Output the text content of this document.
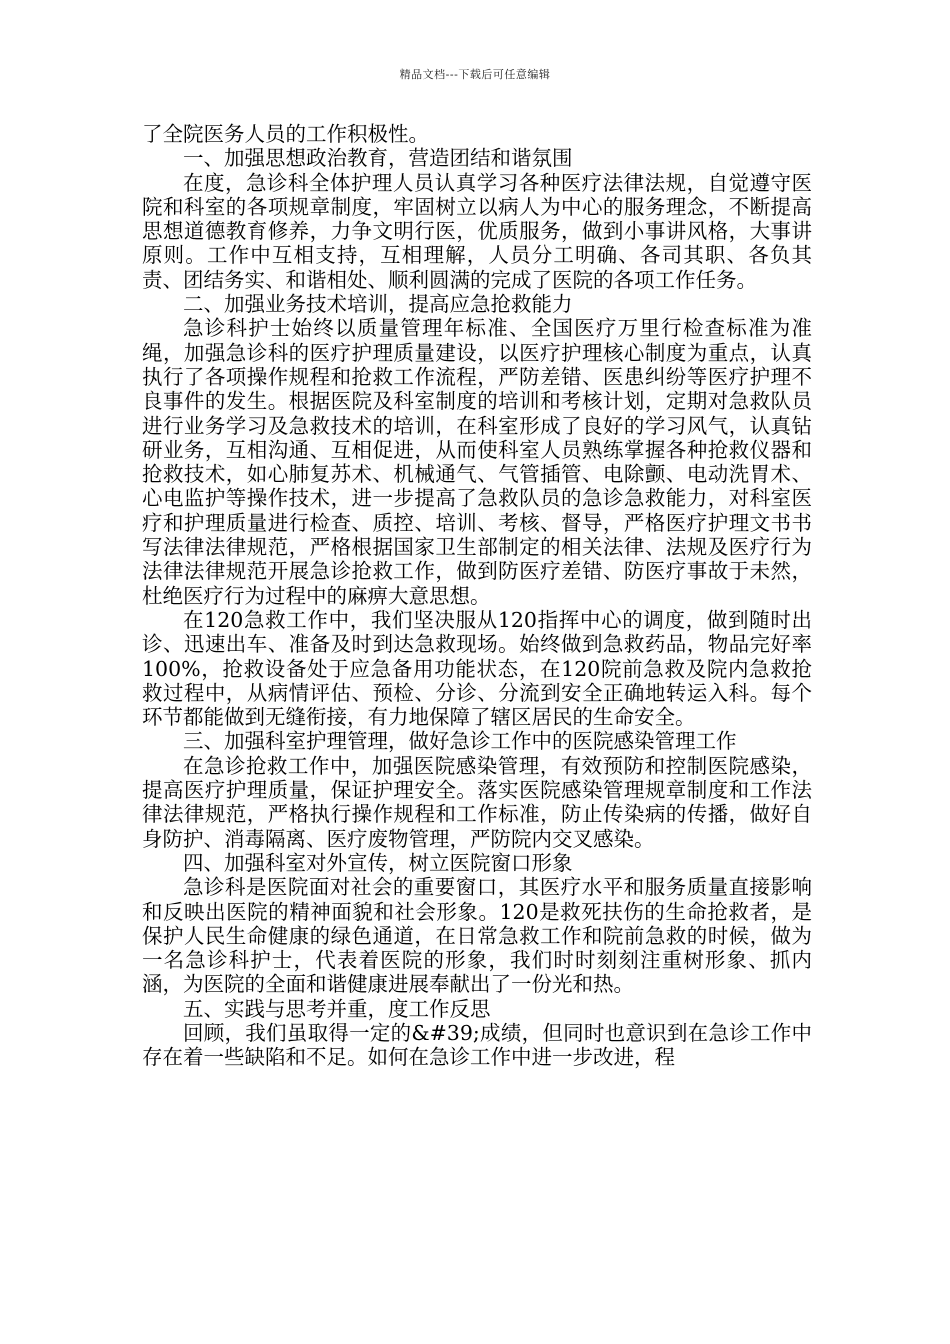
精品文档---下载后可任意编辑

了全院医务人员的工作积极性。

一、加强思想政治教育，营造团结和谐氛围

在度，急诊科全体护理人员认真学习各种医疗法律法规，自觉遵守医院和科室的各项规章制度，牢固树立以病人为中心的服务理念，不断提高思想道德教育修养，力争文明行医，优质服务，做到小事讲风格，大事讲原则。工作中互相支持，互相理解，人员分工明确、各司其职、各负其责、团结务实、和谐相处、顺利圆满的完成了医院的各项工作任务。

二、加强业务技术培训，提高应急抢救能力

急诊科护士始终以质量管理年标准、全国医疗万里行检查标准为准绳，加强急诊科的医疗护理质量建设，以医疗护理核心制度为重点，认真执行了各项操作规程和抢救工作流程，严防差错、医患纠纷等医疗护理不良事件的发生。根据医院及科室制度的培训和考核计划，定期对急救队员进行业务学习及急救技术的培训，在科室形成了良好的学习风气，认真钻研业务，互相沟通、互相促进，从而使科室人员熟练掌握各种抢救仪器和抢救技术，如心肺复苏术、机械通气、气管插管、电除颤、电动洗胃术、心电监护等操作技术，进一步提高了急救队员的急诊急救能力，对科室医疗和护理质量进行检查、质控、培训、考核、督导，严格医疗护理文书书写法律法律规范，严格根据国家卫生部制定的相关法律、法规及医疗行为法律法律规范开展急诊抢救工作，做到防医疗差错、防医疗事故于未然，杜绝医疗行为过程中的麻痹大意思想。

在120急救工作中，我们坚决服从120指挥中心的调度，做到随时出诊、迅速出车、准备及时到达急救现场。始终做到急救药品，物品完好率100%，抢救设备处于应急备用功能状态，在120院前急救及院内急救抢救过程中，从病情评估、预检、分诊、分流到安全正确地转运入科。每个环节都能做到无缝衔接，有力地保障了辖区居民的生命安全。

三、加强科室护理管理，做好急诊工作中的医院感染管理工作

在急诊抢救工作中，加强医院感染管理，有效预防和控制医院感染，提高医疗护理质量，保证护理安全。落实医院感染管理规章制度和工作法律法律规范，严格执行操作规程和工作标准，防止传染病的传播，做好自身防护、消毒隔离、医疗废物管理，严防院内交叉感染。

四、加强科室对外宣传，树立医院窗口形象

急诊科是医院面对社会的重要窗口，其医疗水平和服务质量直接影响和反映出医院的精神面貌和社会形象。120是救死扶伤的生命抢救者，是保护人民生命健康的绿色通道，在日常急救工作和院前急救的时候，做为一名急诊科护士，代表着医院的形象，我们时时刻刻注重树形象、抓内涵，为医院的全面和谐健康进展奉献出了一份光和热。

五、实践与思考并重，度工作反思

回顾，我们虽取得一定的&#39;成绩，但同时也意识到在急诊工作中存在着一些缺陷和不足。如何在急诊工作中进一步改进，程
